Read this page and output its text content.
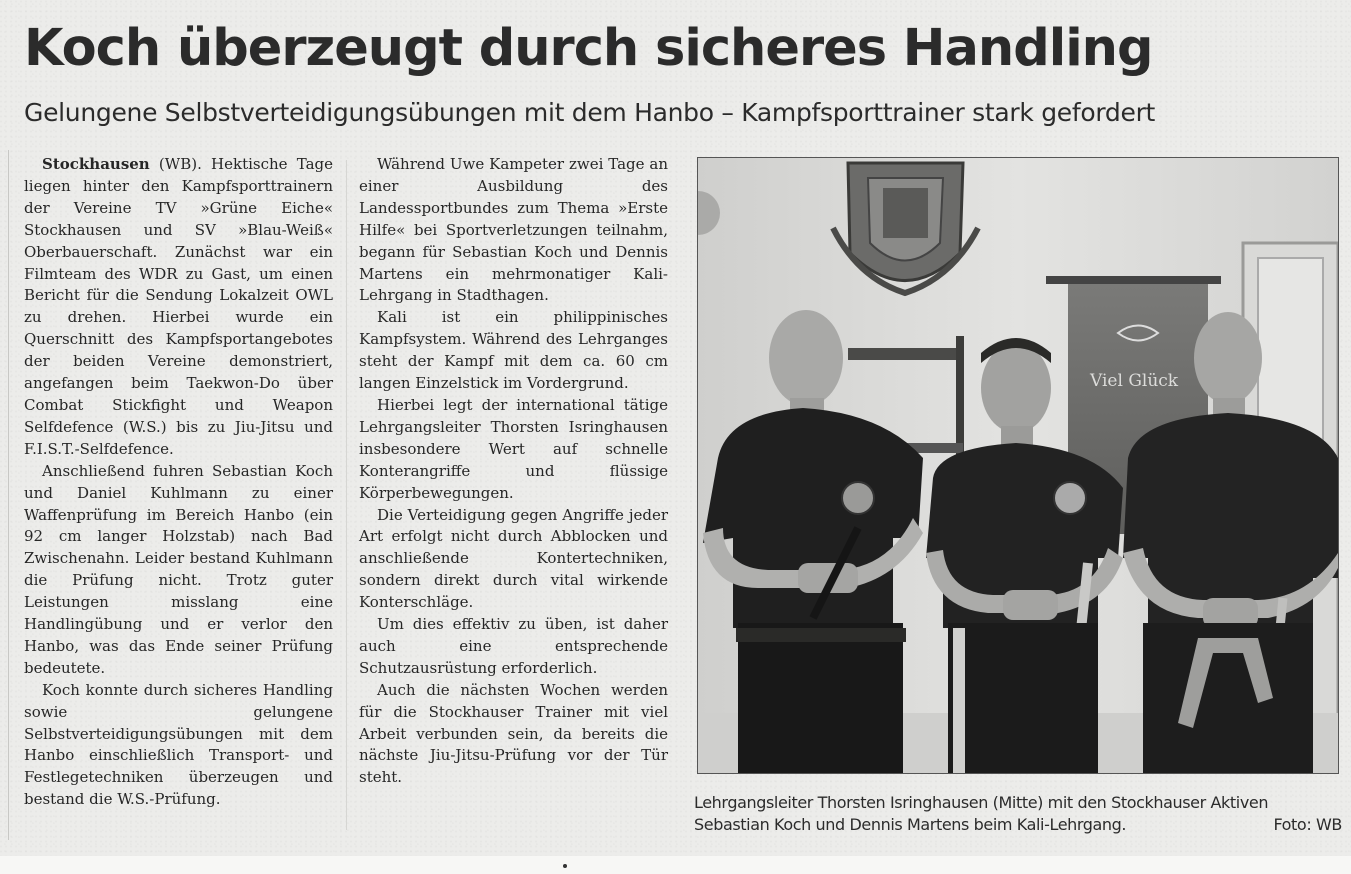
Koch überzeugt durch sicheres Handling
Gelungene Selbstverteidigungsübungen mit dem Hanbo – Kampfsporttrainer stark gefordert

Stockhausen (WB). Hektische Tage liegen hinter den Kampfsporttrainern der Vereine TV »Grüne Eiche« Stockhausen und SV »Blau-Weiß« Oberbauerschaft. Zunächst war ein Filmteam des WDR zu Gast, um einen Bericht für die Sendung Lokalzeit OWL zu drehen. Hierbei wurde ein Querschnitt des Kampfsportangebotes der beiden Vereine demonstriert, angefangen beim Taekwon-Do über Combat Stickfight und Weapon Selfdefence (W.S.) bis zu Jiu-Jitsu und F.I.S.T.-Selfdefence.

Anschließend fuhren Sebastian Koch und Daniel Kuhlmann zu einer Waffenprüfung im Bereich Hanbo (ein 92 cm langer Holzstab) nach Bad Zwischenahn. Leider bestand Kuhlmann die Prüfung nicht. Trotz guter Leistungen misslang eine Handlingübung und er verlor den Hanbo, was das Ende seiner Prüfung bedeutete.

Koch konnte durch sicheres Handling sowie gelungene Selbstverteidigungsübungen mit dem Hanbo einschließlich Transport- und Festlegetechniken überzeugen und bestand die W.S.-Prüfung.

Während Uwe Kampeter zwei Tage an einer Ausbildung des Landessportbundes zum Thema »Erste Hilfe« bei Sportverletzungen teilnahm, begann für Sebastian Koch und Dennis Martens ein mehrmonatiger Kali-Lehrgang in Stadthagen.

Kali ist ein philippinisches Kampfsystem. Während des Lehrganges steht der Kampf mit dem ca. 60 cm langen Einzelstick im Vordergrund.

Hierbei legt der international tätige Lehrgangsleiter Thorsten Isringhausen insbesondere Wert auf schnelle Konterangriffe und flüssige Körperbewegungen.

Die Verteidigung gegen Angriffe jeder Art erfolgt nicht durch Abblocken und anschließende Kontertechniken, sondern direkt durch vital wirkende Konterschläge.

Um dies effektiv zu üben, ist daher auch eine entsprechende Schutzausrüstung erforderlich.

Auch die nächsten Wochen werden für die Stockhauser Trainer mit viel Arbeit verbunden sein, da bereits die nächste Jiu-Jitsu-Prüfung vor der Tür steht.

Viel Glück
Lehrgangsleiter Thorsten Isringhausen (Mitte) mit den Stockhauser Aktiven
Sebastian Koch und Dennis Martens beim Kali-Lehrgang.	Foto: WB
